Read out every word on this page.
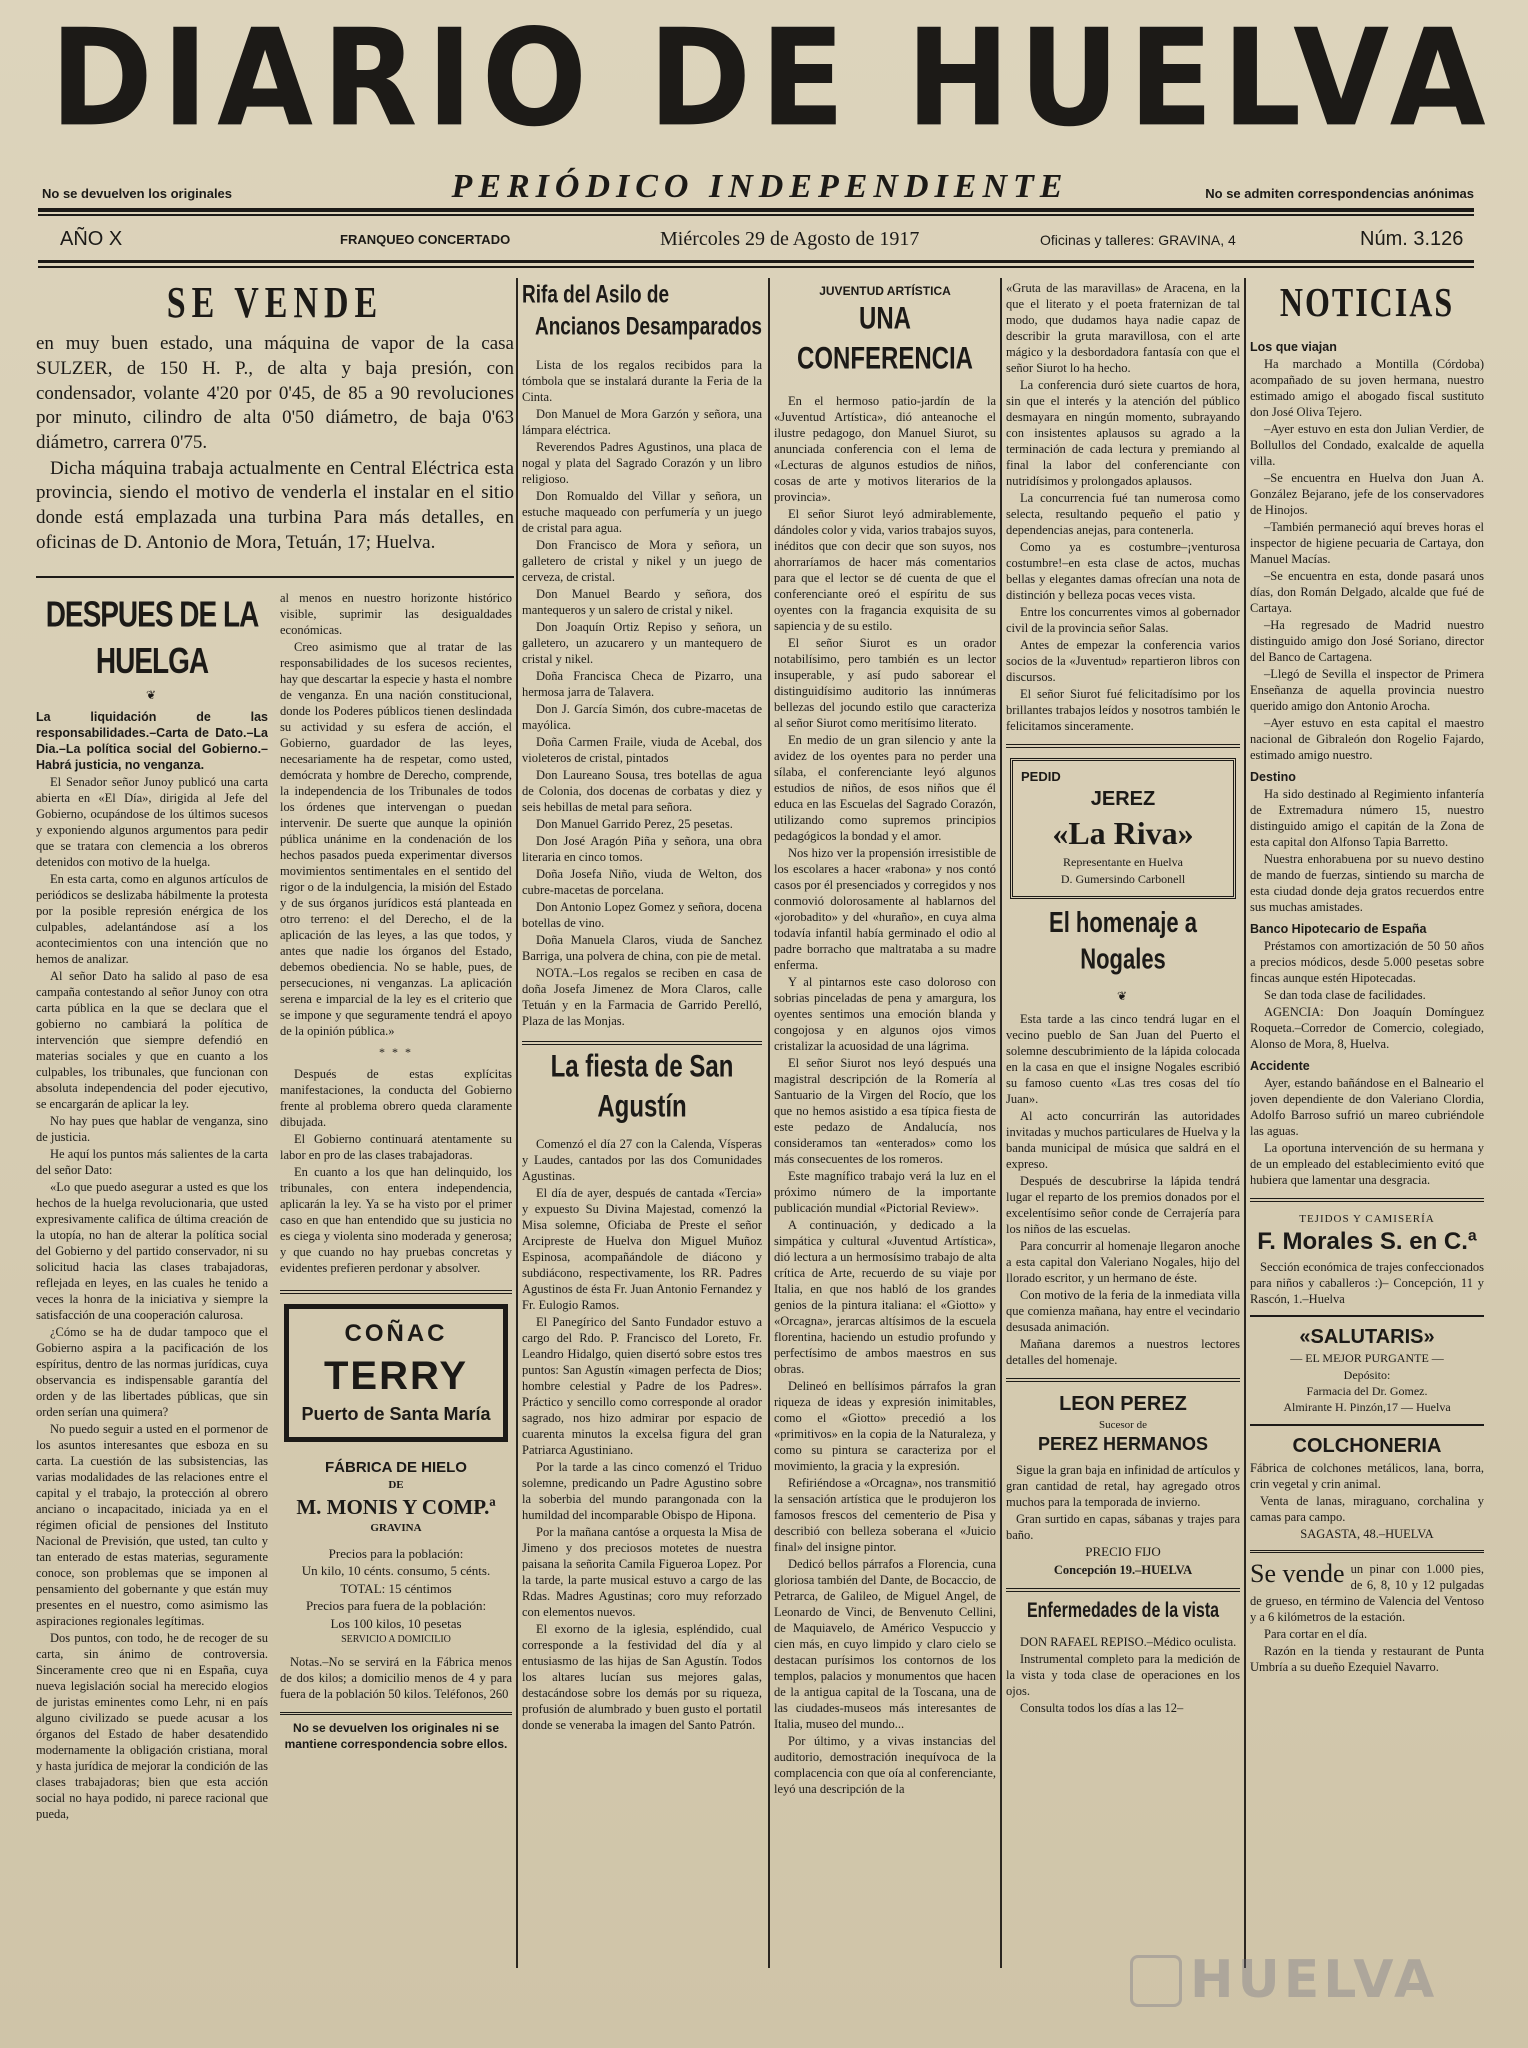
DIARIO DE HUELVA
No se devuelven los originales	PERIÓDICO INDEPENDIENTE	No se admiten correspondencias anónimas
AÑO X	FRANQUEO CONCERTADO	Miércoles 29 de Agosto de 1917	Oficinas y talleres: GRAVINA, 4	Núm. 3.126
SE VENDE

en muy buen estado, una máquina de vapor de la casa SULZER, de 150 H. P., de alta y baja presión, con condensador, volante 4'20 por 0'45, de 85 a 90 revoluciones por minuto, cilindro de alta 0'50 diámetro, de baja 0'63 diámetro, carrera 0'75.

Dicha máquina trabaja actualmente en Central Eléctrica esta provincia, siendo el motivo de venderla el instalar en el sitio donde está emplazada una turbina Para más detalles, en oficinas de D. Antonio de Mora, Tetuán, 17; Huelva.

DESPUES DE LA HUELGA
❦

La liquidación de las responsabilidades.–Carta de Dato.–La Dia.–La política social del Gobierno.–Habrá justicia, no venganza.

El Senador señor Junoy publicó una carta abierta en «El Día», dirigida al Jefe del Gobierno, ocupándose de los últimos sucesos y exponiendo algunos argumentos para pedir que se tratara con clemencia a los obreros detenidos con motivo de la huelga.

En esta carta, como en algunos artículos de periódicos se deslizaba hábilmente la protesta por la posible represión enérgica de los culpables, adelantándose así a los acontecimientos con una intención que no hemos de analizar.

Al señor Dato ha salido al paso de esa campaña contestando al señor Junoy con otra carta pública en la que se declara que el gobierno no cambiará la política de intervención que siempre defendió en materias sociales y que en cuanto a los culpables, los tribunales, que funcionan con absoluta independencia del poder ejecutivo, se encargarán de aplicar la ley.

No hay pues que hablar de venganza, sino de justicia.

He aquí los puntos más salientes de la carta del señor Dato:

«Lo que puedo asegurar a usted es que los hechos de la huelga revolucionaria, que usted expresivamente califica de última creación de la utopía, no han de alterar la política social del Gobierno y del partido conservador, ni su solicitud hacia las clases trabajadoras, reflejada en leyes, en las cuales he tenido a veces la honra de la iniciativa y siempre la satisfacción de una cooperación calurosa.

¿Cómo se ha de dudar tampoco que el Gobierno aspira a la pacificación de los espíritus, dentro de las normas jurídicas, cuya observancia es indispensable garantía del orden y de las libertades públicas, que sin orden serían una quimera?

No puedo seguir a usted en el pormenor de los asuntos interesantes que esboza en su carta. La cuestión de las subsistencias, las varias modalidades de las relaciones entre el capital y el trabajo, la protección al obrero anciano o incapacitado, iniciada ya en el régimen oficial de pensiones del Instituto Nacional de Previsión, que usted, tan culto y tan enterado de estas materias, seguramente conoce, son problemas que se imponen al pensamiento del gobernante y que están muy presentes en el nuestro, como asimismo las aspiraciones regionales legítimas.

Dos puntos, con todo, he de recoger de su carta, sin ánimo de controversia. Sinceramente creo que ni en España, cuya nueva legislación social ha merecido elogios de juristas eminentes como Lehr, ni en país alguno civilizado se puede acusar a los órganos del Estado de haber desatendido modernamente la obligación cristiana, moral y hasta jurídica de mejorar la condición de las clases trabajadoras; bien que esta acción social no haya podido, ni parece racional que pueda,

al menos en nuestro horizonte histórico visible, suprimir las desigualdades económicas.

Creo asimismo que al tratar de las responsabilidades de los sucesos recientes, hay que descartar la especie y hasta el nombre de venganza. En una nación constitucional, donde los Poderes públicos tienen deslindada su actividad y su esfera de acción, el Gobierno, guardador de las leyes, necesariamente ha de respetar, como usted, demócrata y hombre de Derecho, comprende, la independencia de los Tribunales de todos los órdenes que intervengan o puedan intervenir. De suerte que aunque la opinión pública unánime en la condenación de los hechos pasados pueda experimentar diversos movimientos sentimentales en el sentido del rigor o de la indulgencia, la misión del Estado y de sus órganos jurídicos está planteada en otro terreno: el del Derecho, el de la aplicación de las leyes, a las que todos, y antes que nadie los órganos del Estado, debemos obediencia. No se hable, pues, de persecuciones, ni venganzas. La aplicación serena e imparcial de la ley es el criterio que se impone y que seguramente tendrá el apoyo de la opinión pública.»

* * *

Después de estas explícitas manifestaciones, la conducta del Gobierno frente al problema obrero queda claramente dibujada.

El Gobierno continuará atentamente su labor en pro de las clases trabajadoras.

En cuanto a los que han delinquido, los tribunales, con entera independencia, aplicarán la ley. Ya se ha visto por el primer caso en que han entendido que su justicia no es ciega y violenta sino moderada y generosa; y que cuando no hay pruebas concretas y evidentes prefieren perdonar y absolver.

COÑAC

TERRY

Puerto de Santa María

FÁBRICA DE HIELO

DE

M. MONIS Y COMP.ª

GRAVINA

Precios para la población:

Un kilo, 10 cénts. consumo, 5 cénts.

TOTAL: 15 céntimos

Precios para fuera de la población:

Los 100 kilos, 10 pesetas

SERVICIO A DOMICILIO

Notas.–No se servirá en la Fábrica menos de dos kilos; a domicilio menos de 4 y para fuera de la población 50 kilos. Teléfonos, 260

No se devuelven los originales ni se mantiene correspondencia sobre ellos.

Rifa del Asilo de
Ancianos Desamparados

Lista de los regalos recibidos para la tómbola que se instalará durante la Feria de la Cinta.

Don Manuel de Mora Garzón y señora, una lámpara eléctrica.

Reverendos Padres Agustinos, una placa de nogal y plata del Sagrado Corazón y un libro religioso.

Don Romualdo del Villar y señora, un estuche maqueado con perfumería y un juego de cristal para agua.

Don Francisco de Mora y señora, un galletero de cristal y nikel y un juego de cerveza, de cristal.

Don Manuel Beardo y señora, dos mantequeros y un salero de cristal y nikel.

Don Joaquín Ortiz Repiso y señora, un galletero, un azucarero y un mantequero de cristal y nikel.

Doña Francisca Checa de Pizarro, una hermosa jarra de Talavera.

Don J. García Simón, dos cubre-macetas de mayólica.

Doña Carmen Fraile, viuda de Acebal, dos violeteros de cristal, pintados

Don Laureano Sousa, tres botellas de agua de Colonia, dos docenas de corbatas y diez y seis hebillas de metal para señora.

Don Manuel Garrido Perez, 25 pesetas.

Don José Aragón Piña y señora, una obra literaria en cinco tomos.

Doña Josefa Niño, viuda de Welton, dos cubre-macetas de porcelana.

Don Antonio Lopez Gomez y señora, docena botellas de vino.

Doña Manuela Claros, viuda de Sanchez Barriga, una polvera de china, con pie de metal.

NOTA.–Los regalos se reciben en casa de doña Josefa Jimenez de Mora Claros, calle Tetuán y en la Farmacia de Garrido Perelló, Plaza de las Monjas.

La fiesta de San Agustín

Comenzó el día 27 con la Calenda, Vísperas y Laudes, cantados por las dos Comunidades Agustinas.

El día de ayer, después de cantada «Tercia» y expuesto Su Divina Majestad, comenzó la Misa solemne, Oficiaba de Preste el señor Arcipreste de Huelva don Miguel Muñoz Espinosa, acompañándole de diácono y subdiácono, respectivamente, los RR. Padres Agustinos de ésta Fr. Juan Antonio Fernandez y Fr. Eulogio Ramos.

El Panegírico del Santo Fundador estuvo a cargo del Rdo. P. Francisco del Loreto, Fr. Leandro Hidalgo, quien disertó sobre estos tres puntos: San Agustín «imagen perfecta de Dios; hombre celestial y Padre de los Padres». Práctico y sencillo como corresponde al orador sagrado, nos hizo admirar por espacio de cuarenta minutos la excelsa figura del gran Patriarca Agustiniano.

Por la tarde a las cinco comenzó el Triduo solemne, predicando un Padre Agustino sobre la soberbia del mundo parangonada con la humildad del incomparable Obispo de Hipona.

Por la mañana cantóse a orquesta la Misa de Jimeno y dos preciosos motetes de nuestra paisana la señorita Camila Figueroa Lopez. Por la tarde, la parte musical estuvo a cargo de las Rdas. Madres Agustinas; coro muy reforzado con elementos nuevos.

El exorno de la iglesia, espléndido, cual corresponde a la festividad del día y al entusiasmo de las hijas de San Agustín. Todos los altares lucían sus mejores galas, destacándose sobre los demás por su riqueza, profusión de alumbrado y buen gusto el portatil donde se veneraba la imagen del Santo Patrón.

JUVENTUD ARTÍSTICA
UNA CONFERENCIA

En el hermoso patio-jardín de la «Juventud Artística», dió anteanoche el ilustre pedagogo, don Manuel Siurot, su anunciada conferencia con el lema de «Lecturas de algunos estudios de niños, cosas de arte y motivos literarios de la provincia».

El señor Siurot leyó admirablemente, dándoles color y vida, varios trabajos suyos, inéditos que con decir que son suyos, nos ahorraríamos de hacer más comentarios para que el lector se dé cuenta de que el conferenciante oreó el espíritu de sus oyentes con la fragancia exquisita de su sapiencia y de su estilo.

El señor Siurot es un orador notabilísimo, pero también es un lector insuperable, y así pudo saborear el distinguidísimo auditorio las innúmeras bellezas del jocundo estilo que caracteriza al señor Siurot como meritísimo literato.

En medio de un gran silencio y ante la avidez de los oyentes para no perder una sílaba, el conferenciante leyó algunos estudios de niños, de esos niños que él educa en las Escuelas del Sagrado Corazón, utilizando como supremos principios pedagógicos la bondad y el amor.

Nos hizo ver la propensión irresistible de los escolares a hacer «rabona» y nos contó casos por él presenciados y corregidos y nos conmovió dolorosamente al hablarnos del «jorobadito» y del «huraño», en cuya alma todavía infantil había germinado el odio al padre borracho que maltrataba a su madre enferma.

Y al pintarnos este caso doloroso con sobrias pinceladas de pena y amargura, los oyentes sentimos una emoción blanda y congojosa y en algunos ojos vimos cristalizar la acuosidad de una lágrima.

El señor Siurot nos leyó después una magistral descripción de la Romería al Santuario de la Virgen del Rocío, que los que no hemos asistido a esa típica fiesta de este pedazo de Andalucía, nos consideramos tan «enterados» como los más consecuentes de los romeros.

Este magnífico trabajo verá la luz en el próximo número de la importante publicación mundial «Pictorial Review».

A continuación, y dedicado a la simpática y cultural «Juventud Artística», dió lectura a un hermosísimo trabajo de alta crítica de Arte, recuerdo de su viaje por Italia, en que nos habló de los grandes genios de la pintura italiana: el «Giotto» y «Orcagna», jerarcas altísimos de la escuela florentina, haciendo un estudio profundo y perfectísimo de ambos maestros en sus obras.

Delineó en bellísimos párrafos la gran riqueza de ideas y expresión inimitables, como el «Giotto» precedió a los «primitivos» en la copia de la Naturaleza, y como su pintura se caracteriza por el movimiento, la gracia y la expresión.

Refiriéndose a «Orcagna», nos transmitió la sensación artística que le produjeron los famosos frescos del cementerio de Pisa y describió con belleza soberana el «Juicio final» del insigne pintor.

Dedicó bellos párrafos a Florencia, cuna gloriosa también del Dante, de Bocaccio, de Petrarca, de Galileo, de Miguel Angel, de Leonardo de Vinci, de Benvenuto Cellini, de Maquiavelo, de Américo Vespuccio y cien más, en cuyo limpido y claro cielo se destacan purísimos los contornos de los templos, palacios y monumentos que hacen de la antigua capital de la Toscana, una de las ciudades-museos más interesantes de Italia, museo del mundo...

Por último, y a vivas instancias del auditorio, demostración inequívoca de la complacencia con que oía al conferenciante, leyó una descripción de la

«Gruta de las maravillas» de Aracena, en la que el literato y el poeta fraternizan de tal modo, que dudamos haya nadie capaz de describir la gruta maravillosa, con el arte mágico y la desbordadora fantasía con que el señor Siurot lo ha hecho.

La conferencia duró siete cuartos de hora, sin que el interés y la atención del público desmayara en ningún momento, subrayando con insistentes aplausos su agrado a la terminación de cada lectura y premiando al final la labor del conferenciante con nutridísimos y prolongados aplausos.

La concurrencia fué tan numerosa como selecta, resultando pequeño el patio y dependencias anejas, para contenerla.

Como ya es costumbre–¡venturosa costumbre!–en esta clase de actos, muchas bellas y elegantes damas ofrecían una nota de distinción y belleza pocas veces vista.

Entre los concurrentes vimos al gobernador civil de la provincia señor Salas.

Antes de empezar la conferencia varios socios de la «Juventud» repartieron libros con discursos.

El señor Siurot fué felicitadísimo por los brillantes trabajos leídos y nosotros también le felicitamos sinceramente.

PEDID

JEREZ

«La Riva»

Representante en Huelva

D. Gumersindo Carbonell

El homenaje a Nogales
❦

Esta tarde a las cinco tendrá lugar en el vecino pueblo de San Juan del Puerto el solemne descubrimiento de la lápida colocada en la casa en que el insigne Nogales escribió su famoso cuento «Las tres cosas del tío Juan».

Al acto concurrirán las autoridades invitadas y muchos particulares de Huelva y la banda municipal de música que saldrá en el expreso.

Después de descubrirse la lápida tendrá lugar el reparto de los premios donados por el excelentísimo señor conde de Cerrajería para los niños de las escuelas.

Para concurrir al homenaje llegaron anoche a esta capital don Valeriano Nogales, hijo del llorado escritor, y un hermano de éste.

Con motivo de la feria de la inmediata villa que comienza mañana, hay entre el vecindario desusada animación.

Mañana daremos a nuestros lectores detalles del homenaje.

LEON PEREZ

Sucesor de

PEREZ HERMANOS

Sigue la gran baja en infinidad de artículos y gran cantidad de retal, hay agregado otros muchos para la temporada de invierno.

Gran surtido en capas, sábanas y trajes para baño.

PRECIO FIJO

Concepción 19.–HUELVA

Enfermedades de la vista

DON RAFAEL REPISO.–Médico oculista.

Instrumental completo para la medición de la vista y toda clase de operaciones en los ojos.

Consulta todos los días a las 12–

NOTICIAS

Los que viajan

Ha marchado a Montilla (Córdoba) acompañado de su joven hermana, nuestro estimado amigo el abogado fiscal sustituto don José Oliva Tejero.

–Ayer estuvo en esta don Julian Verdier, de Bollullos del Condado, exalcalde de aquella villa.

–Se encuentra en Huelva don Juan A. González Bejarano, jefe de los conservadores de Hinojos.

–También permaneció aquí breves horas el inspector de higiene pecuaria de Cartaya, don Manuel Macías.

–Se encuentra en esta, donde pasará unos días, don Román Delgado, alcalde que fué de Cartaya.

–Ha regresado de Madrid nuestro distinguido amigo don José Soriano, director del Banco de Cartagena.

–Llegó de Sevilla el inspector de Primera Enseñanza de aquella provincia nuestro querido amigo don Antonio Arocha.

–Ayer estuvo en esta capital el maestro nacional de Gibraleón don Rogelio Fajardo, estimado amigo nuestro.

Destino

Ha sido destinado al Regimiento infantería de Extremadura número 15, nuestro distinguido amigo el capitán de la Zona de esta capital don Alfonso Tapia Barretto.

Nuestra enhorabuena por su nuevo destino de mando de fuerzas, sintiendo su marcha de esta ciudad donde deja gratos recuerdos entre sus muchas amistades.

Banco Hipotecario de España

Préstamos con amortización de 50 50 años a precios módicos, desde 5.000 pesetas sobre fincas aunque estén Hipotecadas.

Se dan toda clase de facilidades.

AGENCIA: Don Joaquín Domínguez Roqueta.–Corredor de Comercio, colegiado, Alonso de Mora, 8, Huelva.

Accidente

Ayer, estando bañándose en el Balneario el joven dependiente de don Valeriano Clordia, Adolfo Barroso sufrió un mareo cubriéndole las aguas.

La oportuna intervención de su hermana y de un empleado del establecimiento evitó que hubiera que lamentar una desgracia.

TEJIDOS Y CAMISERÍA

F. Morales S. en C.ª

Sección económica de trajes confeccionados para niños y caballeros :)– Concepción, 11 y Rascón, 1.–Huelva

«SALUTARIS»

— EL MEJOR PURGANTE —

Depósito:

Farmacia del Dr. Gomez.

Almirante H. Pinzón,17 — Huelva

COLCHONERIA

Fábrica de colchones metálicos, lana, borra, crin vegetal y crin animal.

Venta de lanas, miraguano, corchalina y camas para campo.

SAGASTA, 48.–HUELVA

Se vende un pinar con 1.000 pies, de 6, 8, 10 y 12 pulgadas de grueso, en término de Valencia del Ventoso y a 6 kilómetros de la estación.

Para cortar en el día.

Razón en la tienda y restaurant de Punta Umbría a su dueño Ezequiel Navarro.

HUELVA
